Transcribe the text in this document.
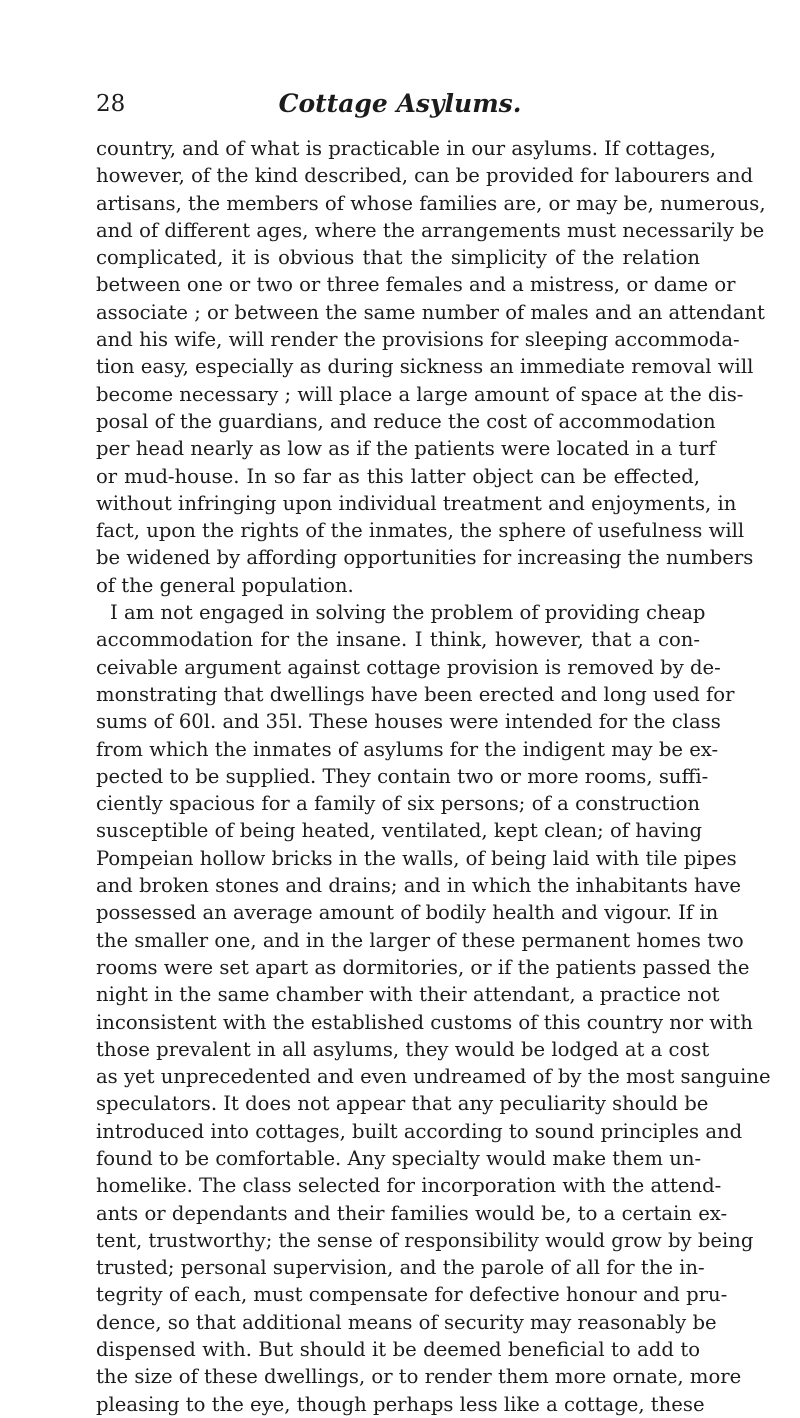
28	Cottage Asylums.
country, and of what is practicable in our asylums. If cottages,
however, of the kind described, can be provided for labourers and
artisans, the members of whose families are, or may be, numerous,
and of different ages, where the arrangements must necessarily be
complicated, it is obvious that the simplicity of the relation
between one or two or three females and a mistress, or dame or
associate ; or between the same number of males and an attendant
and his wife, will render the provisions for sleeping accommoda-
tion easy, especially as during sickness an immediate removal will
become necessary ; will place a large amount of space at the dis-
posal of the guardians, and reduce the cost of accommodation
per head nearly as low as if the patients were located in a turf
or mud-house. In so far as this latter object can be effected,
without infringing upon individual treatment and enjoyments, in
fact, upon the rights of the inmates, the sphere of usefulness will
be widened by affording opportunities for increasing the numbers
of the general population.
I am not engaged in solving the problem of providing cheap
accommodation for the insane. I think, however, that a con-
ceivable argument against cottage provision is removed by de-
monstrating that dwellings have been erected and long used for
sums of 60l. and 35l. These houses were intended for the class
from which the inmates of asylums for the indigent may be ex-
pected to be supplied. They contain two or more rooms, suffi-
ciently spacious for a family of six persons; of a construction
susceptible of being heated, ventilated, kept clean; of having
Pompeian hollow bricks in the walls, of being laid with tile pipes
and broken stones and drains; and in which the inhabitants have
possessed an average amount of bodily health and vigour. If in
the smaller one, and in the larger of these permanent homes two
rooms were set apart as dormitories, or if the patients passed the
night in the same chamber with their attendant, a practice not
inconsistent with the established customs of this country nor with
those prevalent in all asylums, they would be lodged at a cost
as yet unprecedented and even undreamed of by the most sanguine
speculators. It does not appear that any peculiarity should be
introduced into cottages, built according to sound principles and
found to be comfortable. Any specialty would make them un-
homelike. The class selected for incorporation with the attend-
ants or dependants and their families would be, to a certain ex-
tent, trustworthy; the sense of responsibility would grow by being
trusted; personal supervision, and the parole of all for the in-
tegrity of each, must compensate for defective honour and pru-
dence, so that additional means of security may reasonably be
dispensed with. But should it be deemed beneficial to add to
the size of these dwellings, or to render them more ornate, more
pleasing to the eye, though perhaps less like a cottage, these
